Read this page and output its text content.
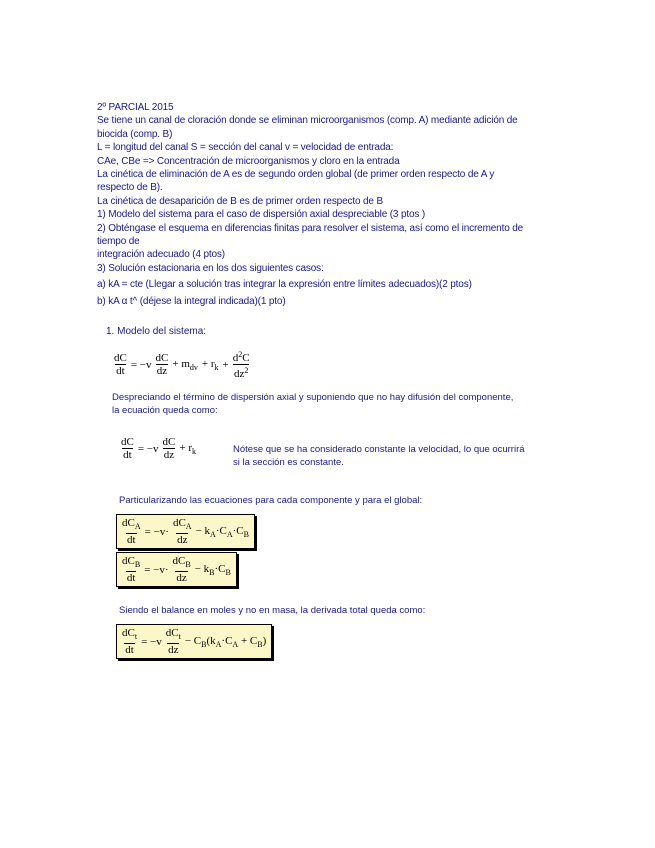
2º PARCIAL 2015
Se tiene un canal de cloración donde se eliminan microorganismos (comp. A) mediante adición de
biocida (comp. B)
L = longitud del canal S = sección del canal v = velocidad de entrada:
CAe, CBe => Concentración de microorganismos y cloro en la entrada
La cinética de eliminación de A es de segundo orden global (de primer orden respecto de A y
respecto de B).
La cinética de desaparición de B es de primer orden respecto de B
1) Modelo del sistema para el caso de dispersión axial despreciable (3 ptos )
2) Obténgase el esquema en diferencias finitas para resolver el sistema, así como el incremento de tiempo de
integración adecuado (4 ptos)
3) Solución estacionaria en los dos siguientes casos:
a) kA = cte (Llegar a solución tras integrar la expresión entre límites adecuados)(2 ptos)
b) kA α t^ (déjese la integral indicada)(1 pto)
1. Modelo del sistema:
$\frac{dC}{dt} = -v \frac{dC}{dz} + m_{dv} + r_k + \frac{d^2C}{dz^2}$
Despreciando el término de dispersión axial y suponiendo que no hay difusión del componente,
la ecuación queda como:
$\frac{dC}{dt} = -v \frac{dC}{dz} + r_k$	Nótese que se ha considerado constante la velocidad, lo que ocurrirá
si la sección es constante.
Particularizando las ecuaciones para cada componente y para el global:
$\frac{dC_A}{dt} = -v\cdot \frac{dC_A}{dz} - k_A\cdot C_A\cdot C_B$
$\frac{dC_B}{dt} = -v\cdot \frac{dC_B}{dz} - k_B\cdot C_B$
Siendo el balance en moles y no en masa, la derivada total queda como:
$\frac{dC_t}{dt} = -v \frac{dC_t}{dz} - C_B(k_A\cdot C_A + C_B)$
